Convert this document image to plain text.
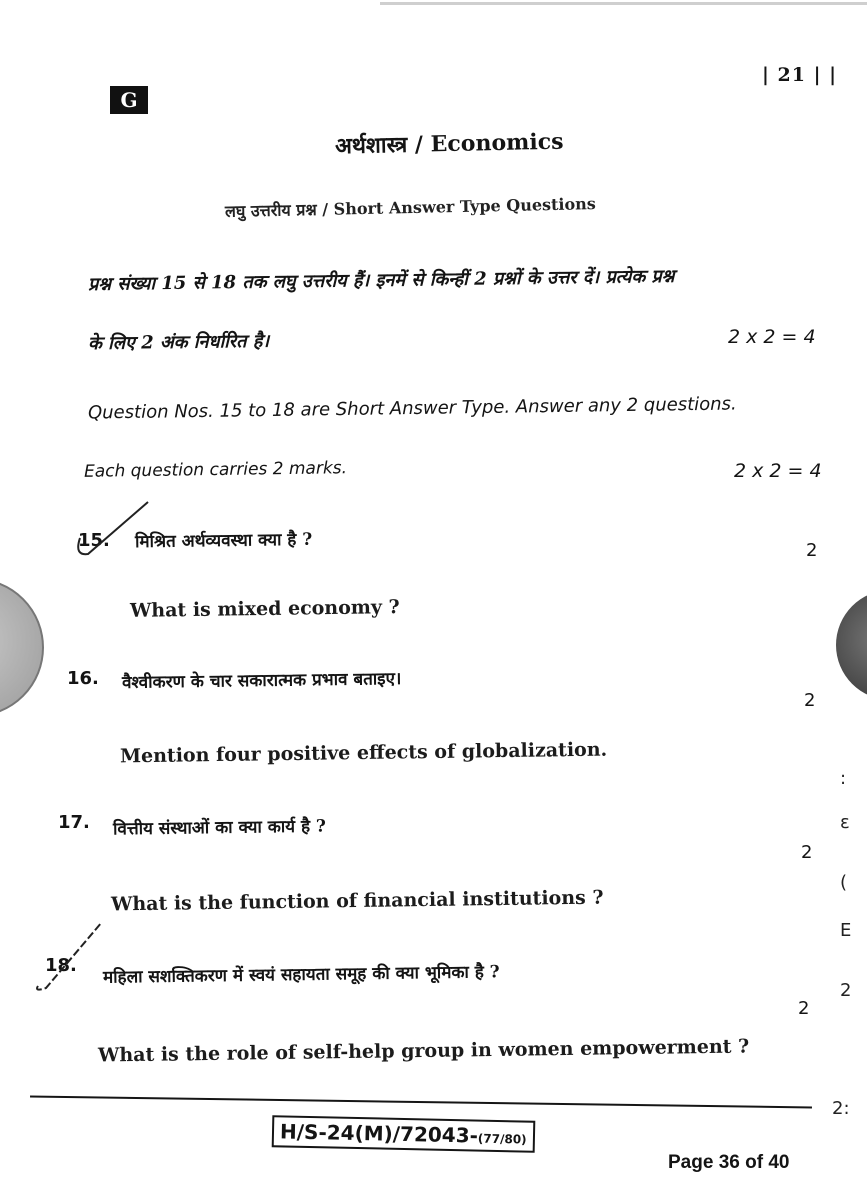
G
| 21 | |
अर्थशास्त्र / Economics
लघु उत्तरीय प्रश्न / Short Answer Type Questions
प्रश्न संख्या 15 से 18 तक लघु उत्तरीय हैं। इनमें से किन्हीं 2 प्रश्नों के उत्तर दें। प्रत्येक प्रश्न
के लिए 2 अंक निर्धारित है।	2 x 2 = 4
Question Nos. 15 to 18 are Short Answer Type. Answer any 2 questions.
Each question carries 2 marks.	2 x 2 = 4
15. मिश्रित अर्थव्यवस्था क्या है ?	2
What is mixed economy ?
16. वैश्वीकरण के चार सकारात्मक प्रभाव बताइए।
2
Mention four positive effects of globalization.
17. वित्तीय संस्थाओं का क्या कार्य है ?
2
What is the function of financial institutions ?
18. महिला सशक्तिकरण में स्वयं सहायता समूह की क्या भूमिका है ?
2
What is the role of self-help group in women empowerment ?
:
ɛ
(
E
2
2:
H/S-24(M)/72043-(77/80)
Page 36 of 40
